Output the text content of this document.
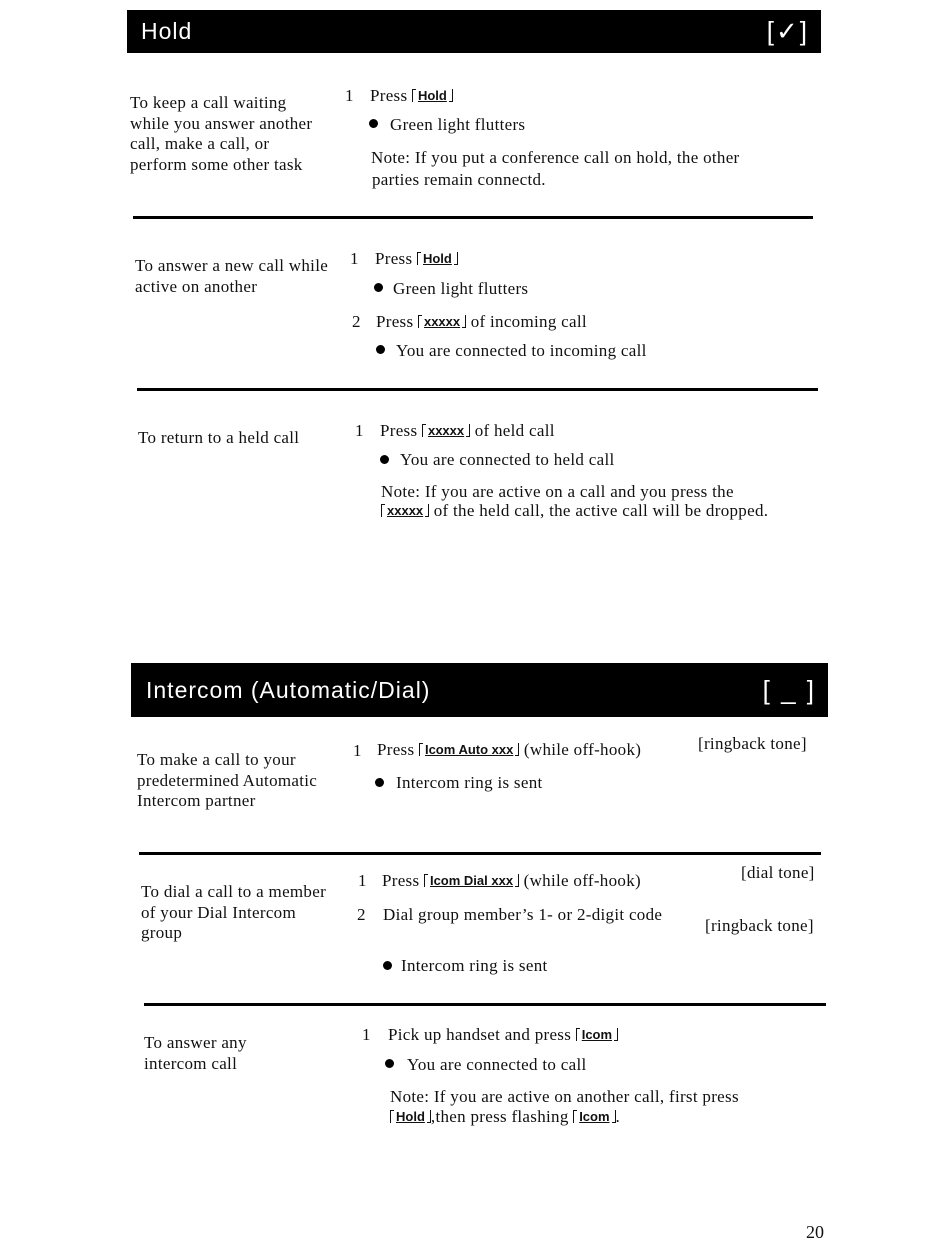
Hold	[✓]
To keep a call waiting while you answer another call, make a call, or perform some other task
1 Press Hold
Green light flutters
Note: If you put a conference call on hold, the other
parties remain connectd.
To answer a new call while active on another
1 Press Hold
Green light flutters
2 Press xxxxx of incoming call
You are connected to incoming call
To return to a held call	1 Press xxxxx of held call
You are connected to held call
Note: If you are active on a call and you press the
xxxxx of the held call, the active call will be dropped.
Intercom (Automatic/Dial)	[ _ ]
To make a call to your predetermined Automatic Intercom partner
1 Press Icom Auto xxx (while off-hook)	[ringback tone]
Intercom ring is sent
To dial a call to a member of your Dial Intercom group
1 Press Icom Dial xxx (while off-hook)	[dial tone]
2 Dial group member’s 1- or 2-digit code
[ringback tone]
Intercom ring is sent
To answer any intercom call
1 Pick up handset and press Icom
You are connected to call
Note: If you are active on another call, first press
Hold ,then press flashing Icom .
20
